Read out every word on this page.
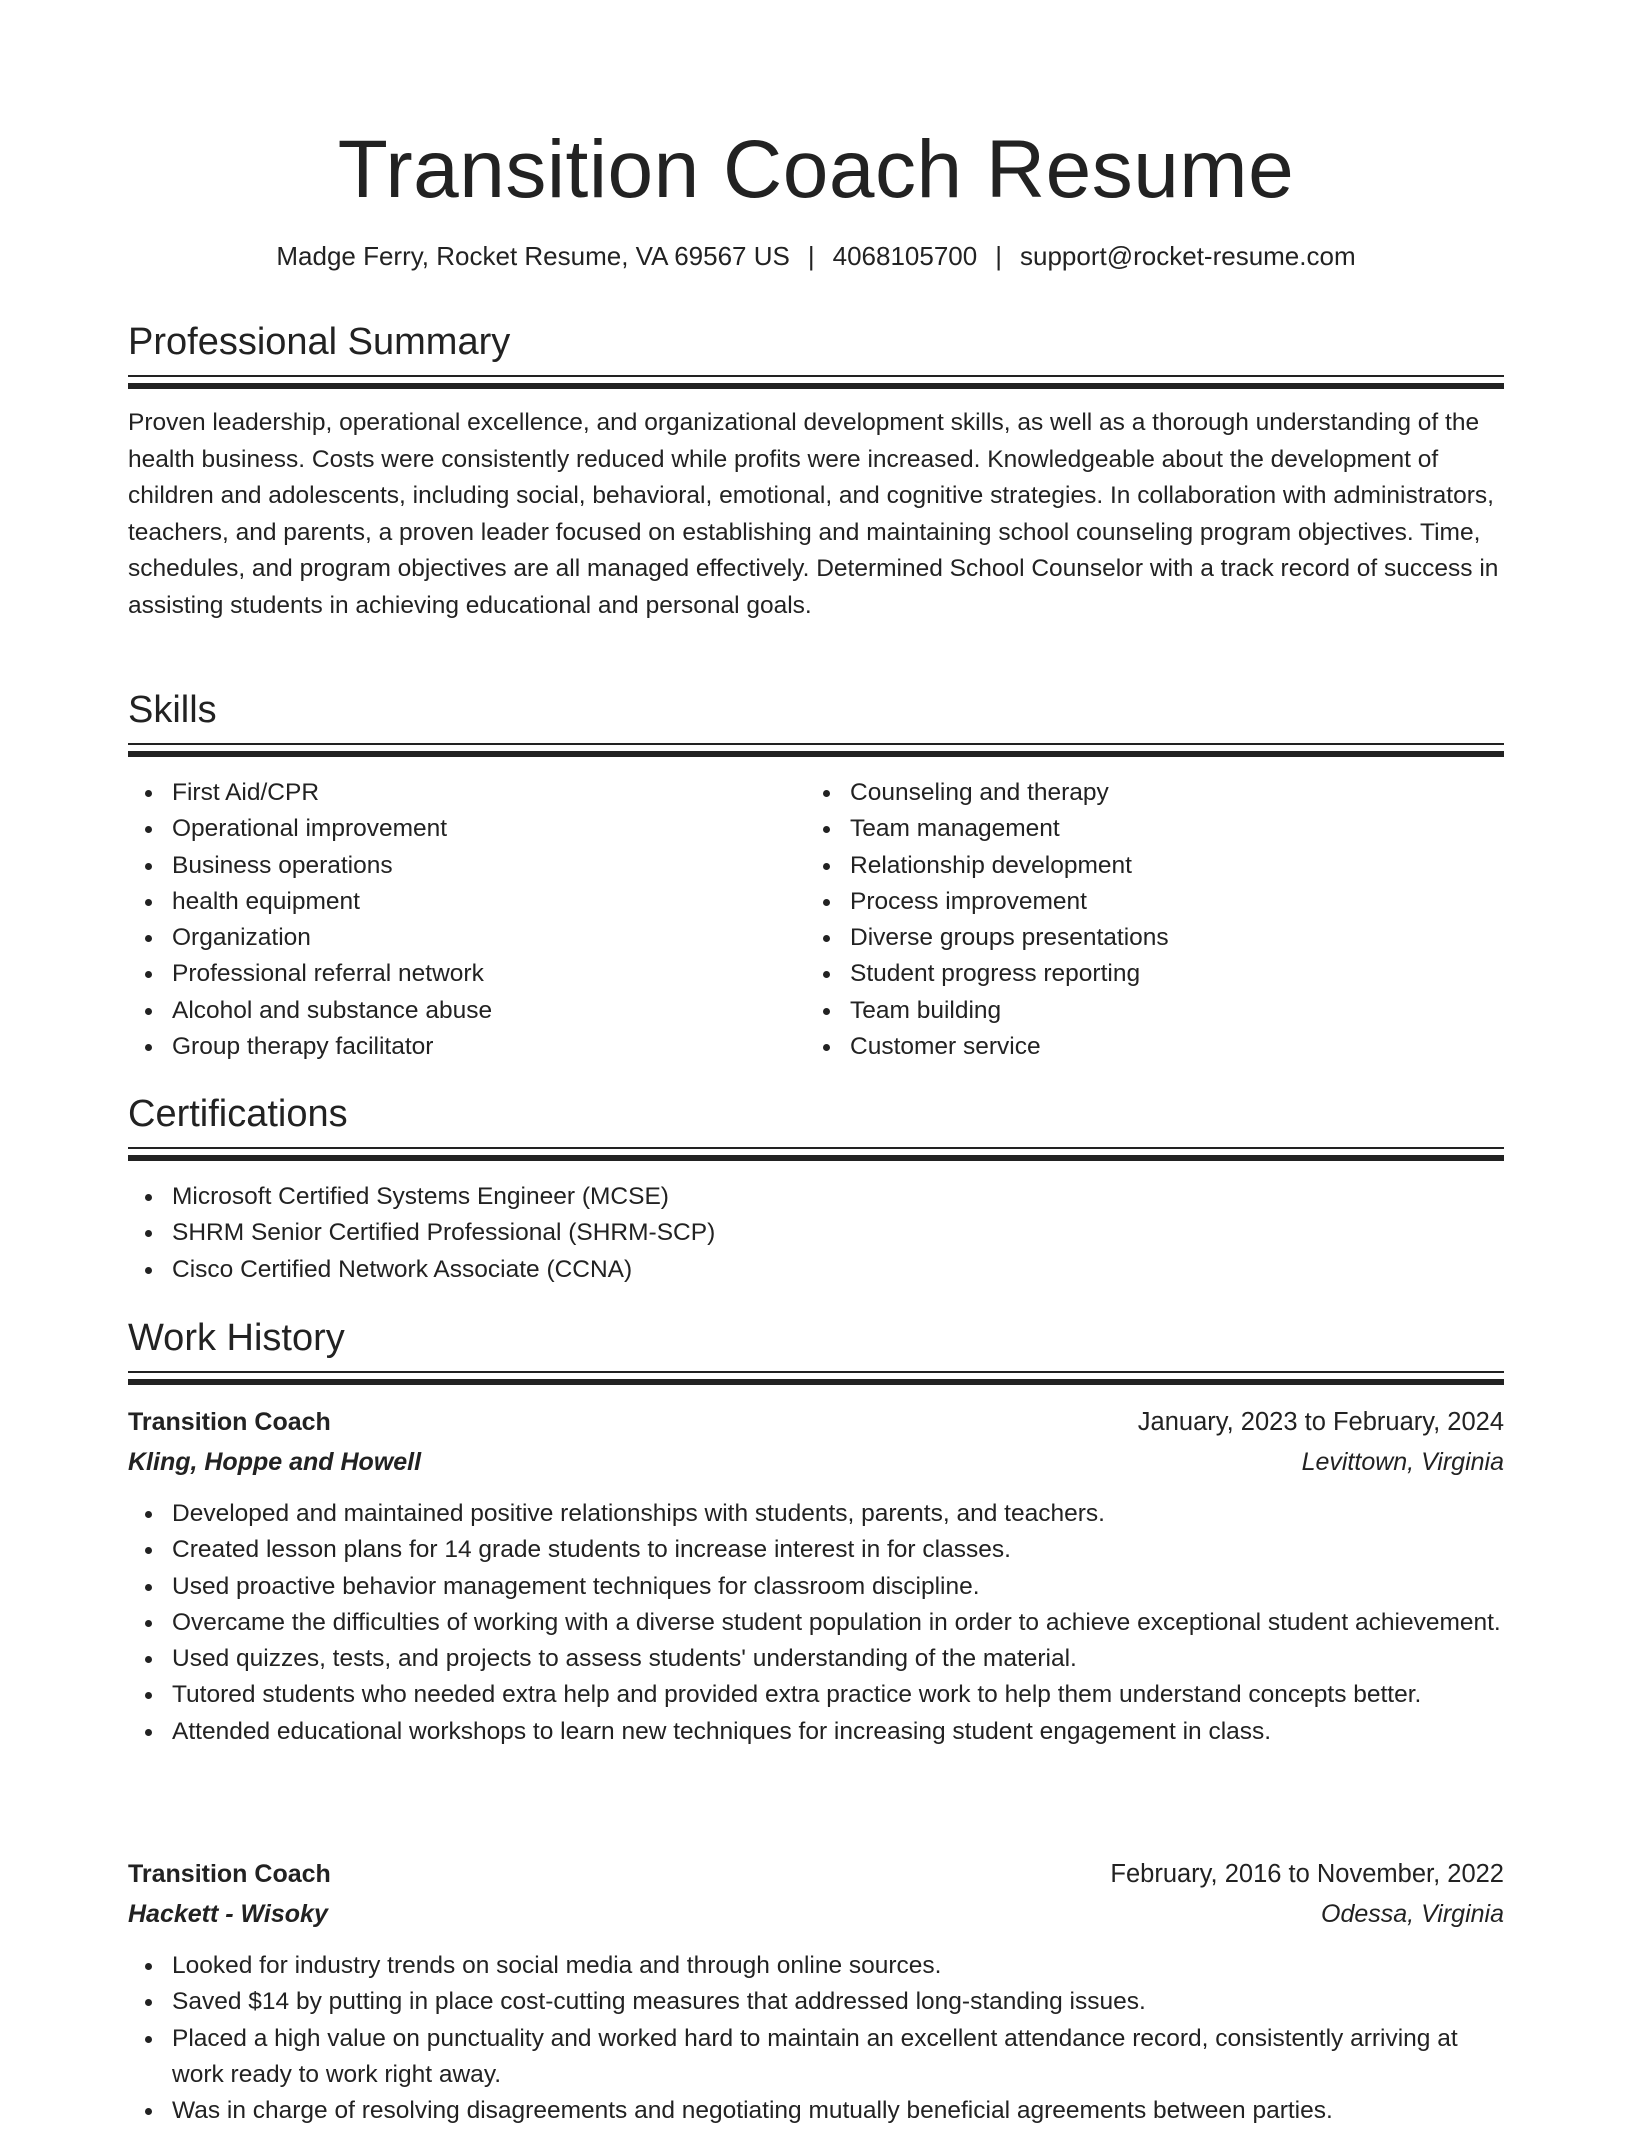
Transition Coach Resume
Madge Ferry, Rocket Resume, VA 69567 US | 4068105700 | support@rocket-resume.com
Professional Summary
Proven leadership, operational excellence, and organizational development skills, as well as a thorough understanding of the health business. Costs were consistently reduced while profits were increased. Knowledgeable about the development of children and adolescents, including social, behavioral, emotional, and cognitive strategies. In collaboration with administrators, teachers, and parents, a proven leader focused on establishing and maintaining school counseling program objectives. Time, schedules, and program objectives are all managed effectively. Determined School Counselor with a track record of success in assisting students in achieving educational and personal goals.
Skills
First Aid/CPR
Operational improvement
Business operations
health equipment
Organization
Professional referral network
Alcohol and substance abuse
Group therapy facilitator
Counseling and therapy
Team management
Relationship development
Process improvement
Diverse groups presentations
Student progress reporting
Team building
Customer service
Certifications
Microsoft Certified Systems Engineer (MCSE)
SHRM Senior Certified Professional (SHRM-SCP)
Cisco Certified Network Associate (CCNA)
Work History
Transition Coach	January, 2023 to February, 2024
Kling, Hoppe and Howell	Levittown, Virginia
Developed and maintained positive relationships with students, parents, and teachers.
Created lesson plans for 14 grade students to increase interest in for classes.
Used proactive behavior management techniques for classroom discipline.
Overcame the difficulties of working with a diverse student population in order to achieve exceptional student achievement.
Used quizzes, tests, and projects to assess students' understanding of the material.
Tutored students who needed extra help and provided extra practice work to help them understand concepts better.
Attended educational workshops to learn new techniques for increasing student engagement in class.
Transition Coach	February, 2016 to November, 2022
Hackett - Wisoky	Odessa, Virginia
Looked for industry trends on social media and through online sources.
Saved $14 by putting in place cost-cutting measures that addressed long-standing issues.
Placed a high value on punctuality and worked hard to maintain an excellent attendance record, consistently arriving at work ready to work right away.
Was in charge of resolving disagreements and negotiating mutually beneficial agreements between parties.
